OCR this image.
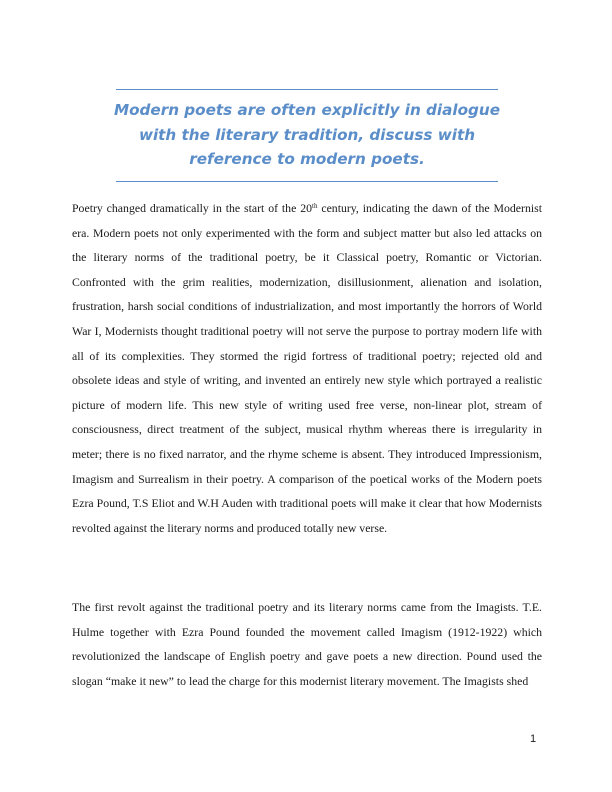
Modern poets are often explicitly in dialogue with the literary tradition, discuss with reference to modern poets.

Poetry changed dramatically in the start of the 20th century, indicating the dawn of the Modernist era. Modern poets not only experimented with the form and subject matter but also led attacks on the literary norms of the traditional poetry, be it Classical poetry, Romantic or Victorian. Confronted with the grim realities, modernization, disillusionment, alienation and isolation, frustration, harsh social conditions of industrialization, and most importantly the horrors of World War I, Modernists thought traditional poetry will not serve the purpose to portray modern life with all of its complexities. They stormed the rigid fortress of traditional poetry; rejected old and obsolete ideas and style of writing, and invented an entirely new style which portrayed a realistic picture of modern life. This new style of writing used free verse, non-linear plot, stream of consciousness, direct treatment of the subject, musical rhythm whereas there is irregularity in meter; there is no fixed narrator, and the rhyme scheme is absent. They introduced Impressionism, Imagism and Surrealism in their poetry. A comparison of the poetical works of the Modern poets Ezra Pound, T.S Eliot and W.H Auden with traditional poets will make it clear that how Modernists revolted against the literary norms and produced totally new verse.

The first revolt against the traditional poetry and its literary norms came from the Imagists. T.E. Hulme together with Ezra Pound founded the movement called Imagism (1912-1922) which revolutionized the landscape of English poetry and gave poets a new direction. Pound used the slogan “make it new” to lead the charge for this modernist literary movement. The Imagists shed

1
